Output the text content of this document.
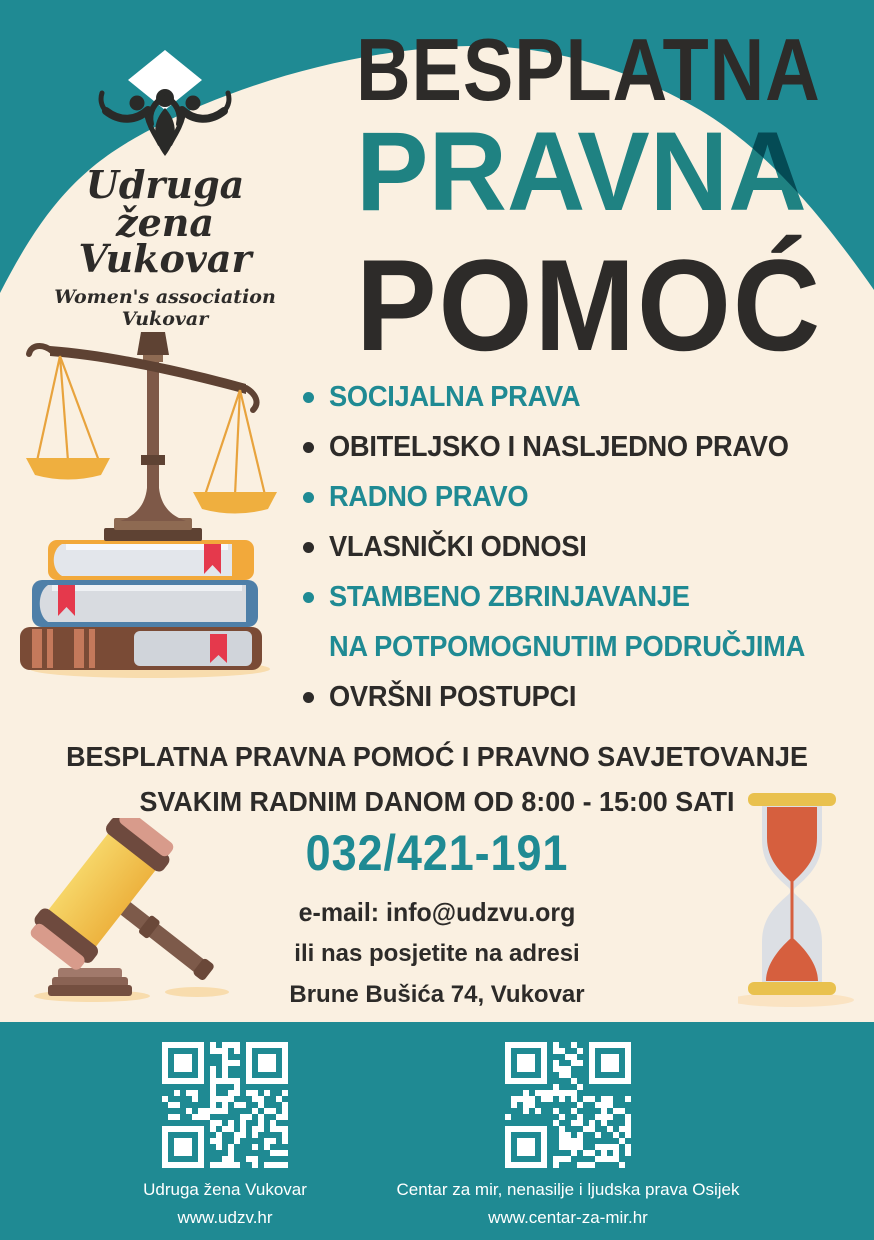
Udruga žena
Vukovar
Women's association Vukovar
BESPLATNA
PRAVNA
POMOĆ
SOCIJALNA PRAVA
OBITELJSKO I NASLJEDNO PRAVO
RADNO PRAVO
VLASNIČKI ODNOSI
STAMBENO ZBRINJAVANJE
NA POTPOMOGNUTIM PODRUČJIMA
OVRŠNI POSTUPCI
BESPLATNA PRAVNA POMOĆ I PRAVNO SAVJETOVANJE
SVAKIM RADNIM DANOM OD 8:00 - 15:00 SATI
032/421-191
e-mail: info@udzvu.org
ili nas posjetite na adresi
Brune Bušića 74, Vukovar

Udruga žena Vukovar

www.udzv.hr

Centar za mir, nenasilje i ljudska prava Osijek

www.centar-za-mir.hr
